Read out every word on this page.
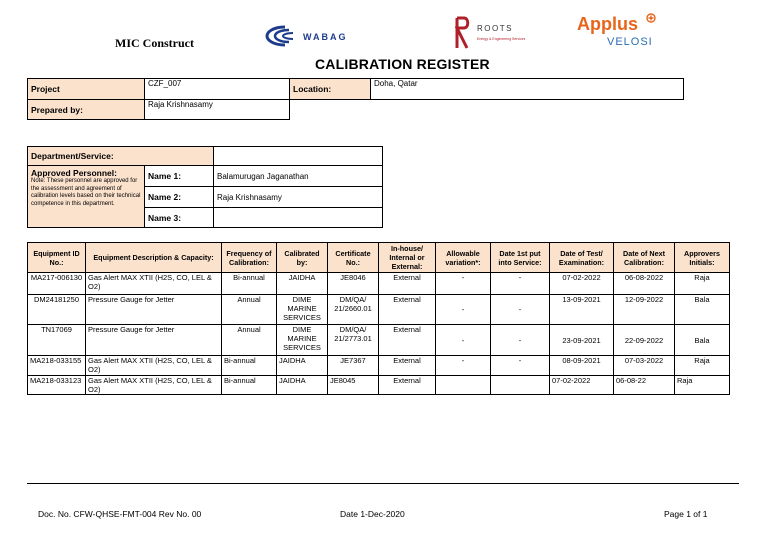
MIC Construct	WABAG
ROOTS
Energy & Engineering Services
Applus
VELOSI
CALIBRATION REGISTER
Project	CZF_007	Location:	Doha, Qatar
Prepared by:	Raja Krishnasamy		
Department/Service:		

Approved Personnel:
Note: These personnel are approved for the assessment and agreement of calibration levels based on their technical competence in this department.	Name 1:	Balamurugan Jaganathan
	Name 2:	Raja Krishnasamy
	Name 3:	
Equipment ID No.:	Equipment Description & Capacity:	Frequency of Calibration:	Calibrated by:	Certificate No.:	In-house/ Internal or External:	Allowable variation*:	Date 1st put into Service:	Date of Test/ Examination:	Date of Next Calibration:	Approvers Initials:
MA217-006130	Gas Alert MAX XTII (H2S, CO, LEL & O2)	Bi-annual	JAIDHA	JE8046	External	-	-	07-02-2022	06-08-2022	Raja
DM24181250	Pressure Gauge for Jetter	Annual	DIME MARINE SERVICES	DM/QA/ 21/2660.01	External	-	-	13-09-2021	12-09-2022	Bala
TN17069	Pressure Gauge for Jetter	Annual	DIME MARINE SERVICES	DM/QA/ 21/2773.01	External	-	-	23-09-2021	22-09-2022	Bala
MA218-033155	Gas Alert MAX XTII (H2S, CO, LEL & O2)	Bi-annual	JAIDHA	JE7367	External	-	-	08-09-2021	07-03-2022	Raja
MA218-033123	Gas Alert MAX XTII (H2S, CO, LEL & O2)	Bi-annual	JAIDHA	JE8045	External			07-02-2022	06-08-22	Raja
Doc. No. CFW-QHSE-FMT-004 Rev No. 00	Date 1-Dec-2020	Page 1 of 1
